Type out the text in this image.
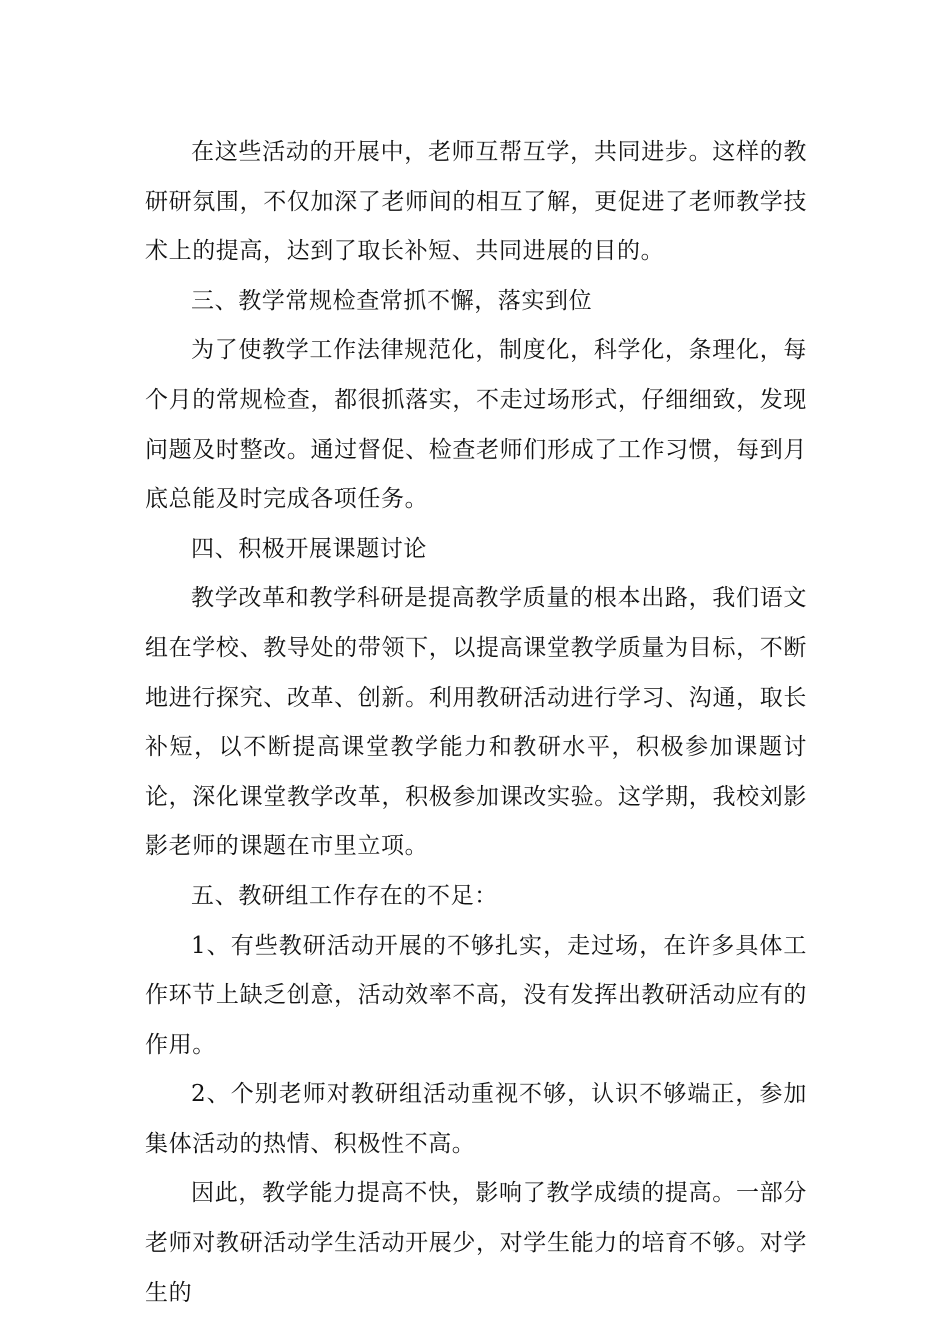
在这些活动的开展中，老师互帮互学，共同进步。这样的教研研氛围，不仅加深了老师间的相互了解，更促进了老师教学技术上的提高，达到了取长补短、共同进展的目的。

三、教学常规检查常抓不懈，落实到位

为了使教学工作法律规范化，制度化，科学化，条理化，每个月的常规检查，都很抓落实，不走过场形式，仔细细致，发现问题及时整改。通过督促、检查老师们形成了工作习惯，每到月底总能及时完成各项任务。

四、积极开展课题讨论

教学改革和教学科研是提高教学质量的根本出路，我们语文组在学校、教导处的带领下，以提高课堂教学质量为目标，不断地进行探究、改革、创新。利用教研活动进行学习、沟通，取长补短，以不断提高课堂教学能力和教研水平，积极参加课题讨论，深化课堂教学改革，积极参加课改实验。这学期，我校刘影影老师的课题在市里立项。

五、教研组工作存在的不足：

1、有些教研活动开展的不够扎实，走过场，在许多具体工作环节上缺乏创意，活动效率不高，没有发挥出教研活动应有的作用。

2、个别老师对教研组活动重视不够，认识不够端正，参加集体活动的热情、积极性不高。

因此，教学能力提高不快，影响了教学成绩的提高。一部分老师对教研活动学生活动开展少，对学生能力的培育不够。对学生的
